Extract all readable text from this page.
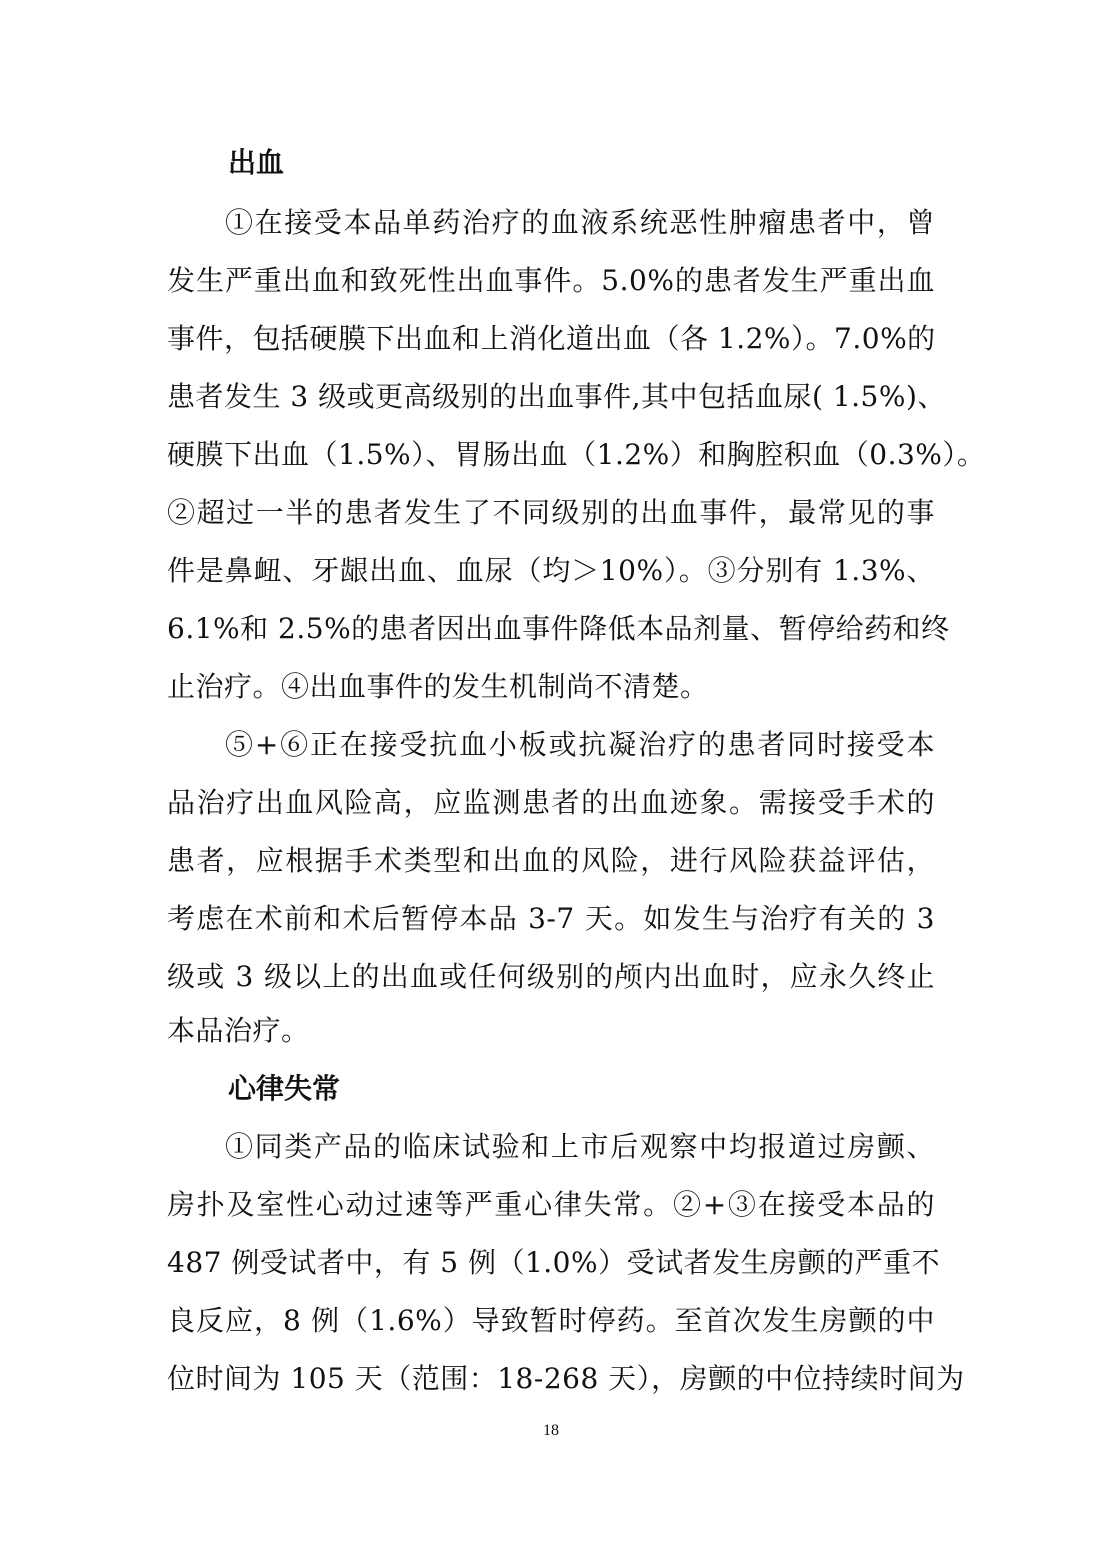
出血
①在接受本品单药治疗的血液系统恶性肿瘤患者中，曾
发生严重出血和致死性出血事件。5.0%的患者发生严重出血
事件，包括硬膜下出血和上消化道出血（各 1.2%）。7.0%的
患者发生 3 级或更高级别的出血事件,其中包括血尿( 1.5%)、
硬膜下出血（1.5%）、胃肠出血（1.2%）和胸腔积血（0.3%）。
②超过一半的患者发生了不同级别的出血事件，最常见的事
件是鼻衄、牙龈出血、血尿（均＞10%）。③分别有 1.3%、
6.1%和 2.5%的患者因出血事件降低本品剂量、暂停给药和终
止治疗。④出血事件的发生机制尚不清楚。
⑤+⑥正在接受抗血小板或抗凝治疗的患者同时接受本
品治疗出血风险高，应监测患者的出血迹象。需接受手术的
患者，应根据手术类型和出血的风险，进行风险获益评估，
考虑在术前和术后暂停本品 3-7 天。如发生与治疗有关的 3
级或 3 级以上的出血或任何级别的颅内出血时，应永久终止
本品治疗。
心律失常
①同类产品的临床试验和上市后观察中均报道过房颤、
房扑及室性心动过速等严重心律失常。②+③在接受本品的
487 例受试者中，有 5 例（1.0%）受试者发生房颤的严重不
良反应，8 例（1.6%）导致暂时停药。至首次发生房颤的中
位时间为 105 天（范围：18-268 天），房颤的中位持续时间为
18
